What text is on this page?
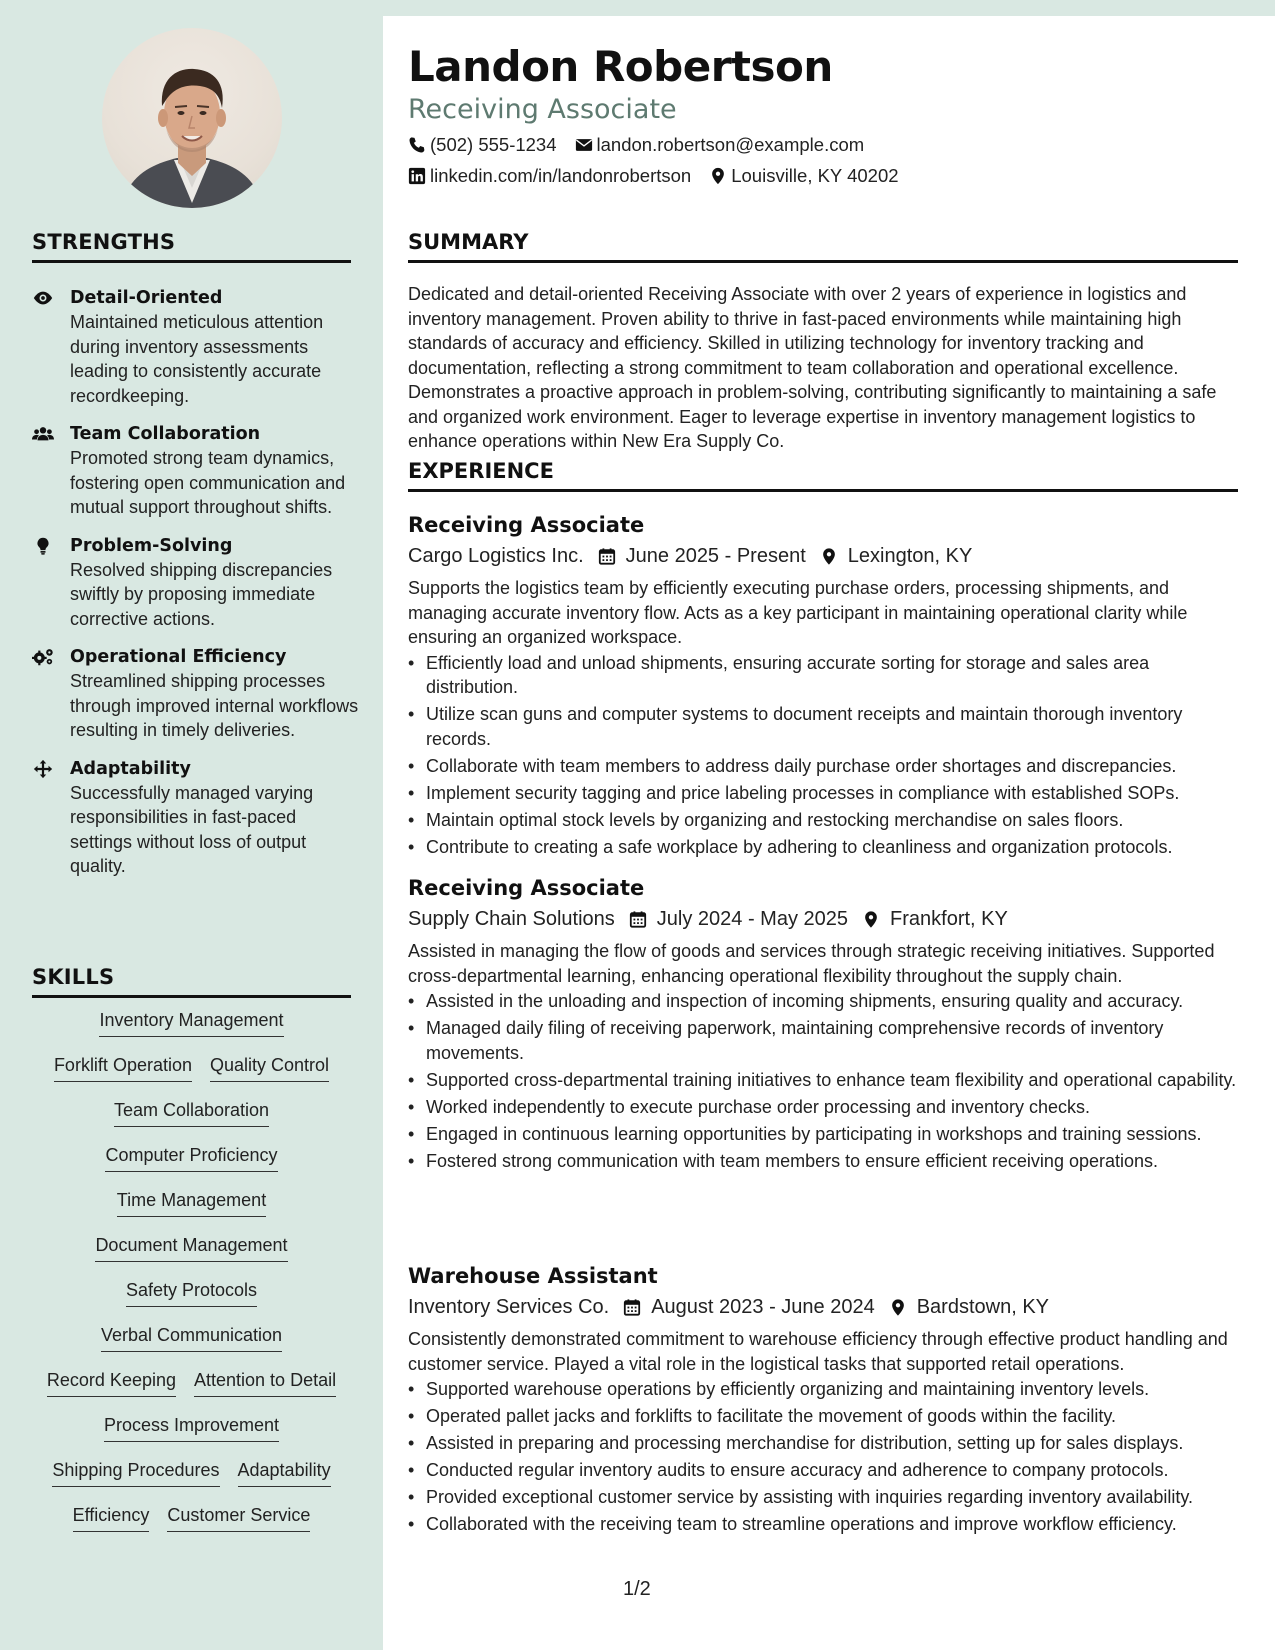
STRENGTHS
Detail-Oriented
Maintained meticulous attention during inventory assessments leading to consistently accurate recordkeeping.
Team Collaboration
Promoted strong team dynamics, fostering open communication and mutual support throughout shifts.
Problem-Solving
Resolved shipping discrepancies swiftly by proposing immediate corrective actions.
Operational Efficiency
Streamlined shipping processes through improved internal workflows resulting in timely deliveries.
Adaptability
Successfully managed varying responsibilities in fast-paced settings without loss of output quality.
SKILLS
Inventory Management
Forklift Operation Quality Control
Team Collaboration
Computer Proficiency
Time Management
Document Management
Safety Protocols
Verbal Communication
Record Keeping Attention to Detail
Process Improvement
Shipping Procedures Adaptability
Efficiency Customer Service
Landon Robertson
Receiving Associate
(502) 555-1234 landon.robertson@example.com
linkedin.com/in/landonrobertson Louisville, KY 40202
SUMMARY
Dedicated and detail-oriented Receiving Associate with over 2 years of experience in logistics and inventory management. Proven ability to thrive in fast-paced environments while maintaining high standards of accuracy and efficiency. Skilled in utilizing technology for inventory tracking and documentation, reflecting a strong commitment to team collaboration and operational excellence. Demonstrates a proactive approach in problem-solving, contributing significantly to maintaining a safe and organized work environment. Eager to leverage expertise in inventory management logistics to enhance operations within New Era Supply Co.
EXPERIENCE
Receiving Associate
Cargo Logistics Inc. June 2025 - Present Lexington, KY
Supports the logistics team by efficiently executing purchase orders, processing shipments, and managing accurate inventory flow. Acts as a key participant in maintaining operational clarity while ensuring an organized workspace.
• Efficiently load and unload shipments, ensuring accurate sorting for storage and sales area distribution.
• Utilize scan guns and computer systems to document receipts and maintain thorough inventory records.
• Collaborate with team members to address daily purchase order shortages and discrepancies.
• Implement security tagging and price labeling processes in compliance with established SOPs.
• Maintain optimal stock levels by organizing and restocking merchandise on sales floors.
• Contribute to creating a safe workplace by adhering to cleanliness and organization protocols.
Receiving Associate
Supply Chain Solutions July 2024 - May 2025 Frankfort, KY
Assisted in managing the flow of goods and services through strategic receiving initiatives. Supported cross-departmental learning, enhancing operational flexibility throughout the supply chain.
• Assisted in the unloading and inspection of incoming shipments, ensuring quality and accuracy.
• Managed daily filing of receiving paperwork, maintaining comprehensive records of inventory movements.
• Supported cross-departmental training initiatives to enhance team flexibility and operational capability.
• Worked independently to execute purchase order processing and inventory checks.
• Engaged in continuous learning opportunities by participating in workshops and training sessions.
• Fostered strong communication with team members to ensure efficient receiving operations.
Warehouse Assistant
Inventory Services Co. August 2023 - June 2024 Bardstown, KY
Consistently demonstrated commitment to warehouse efficiency through effective product handling and customer service. Played a vital role in the logistical tasks that supported retail operations.
• Supported warehouse operations by efficiently organizing and maintaining inventory levels.
• Operated pallet jacks and forklifts to facilitate the movement of goods within the facility.
• Assisted in preparing and processing merchandise for distribution, setting up for sales displays.
• Conducted regular inventory audits to ensure accuracy and adherence to company protocols.
• Provided exceptional customer service by assisting with inquiries regarding inventory availability.
• Collaborated with the receiving team to streamline operations and improve workflow efficiency.
1/2
